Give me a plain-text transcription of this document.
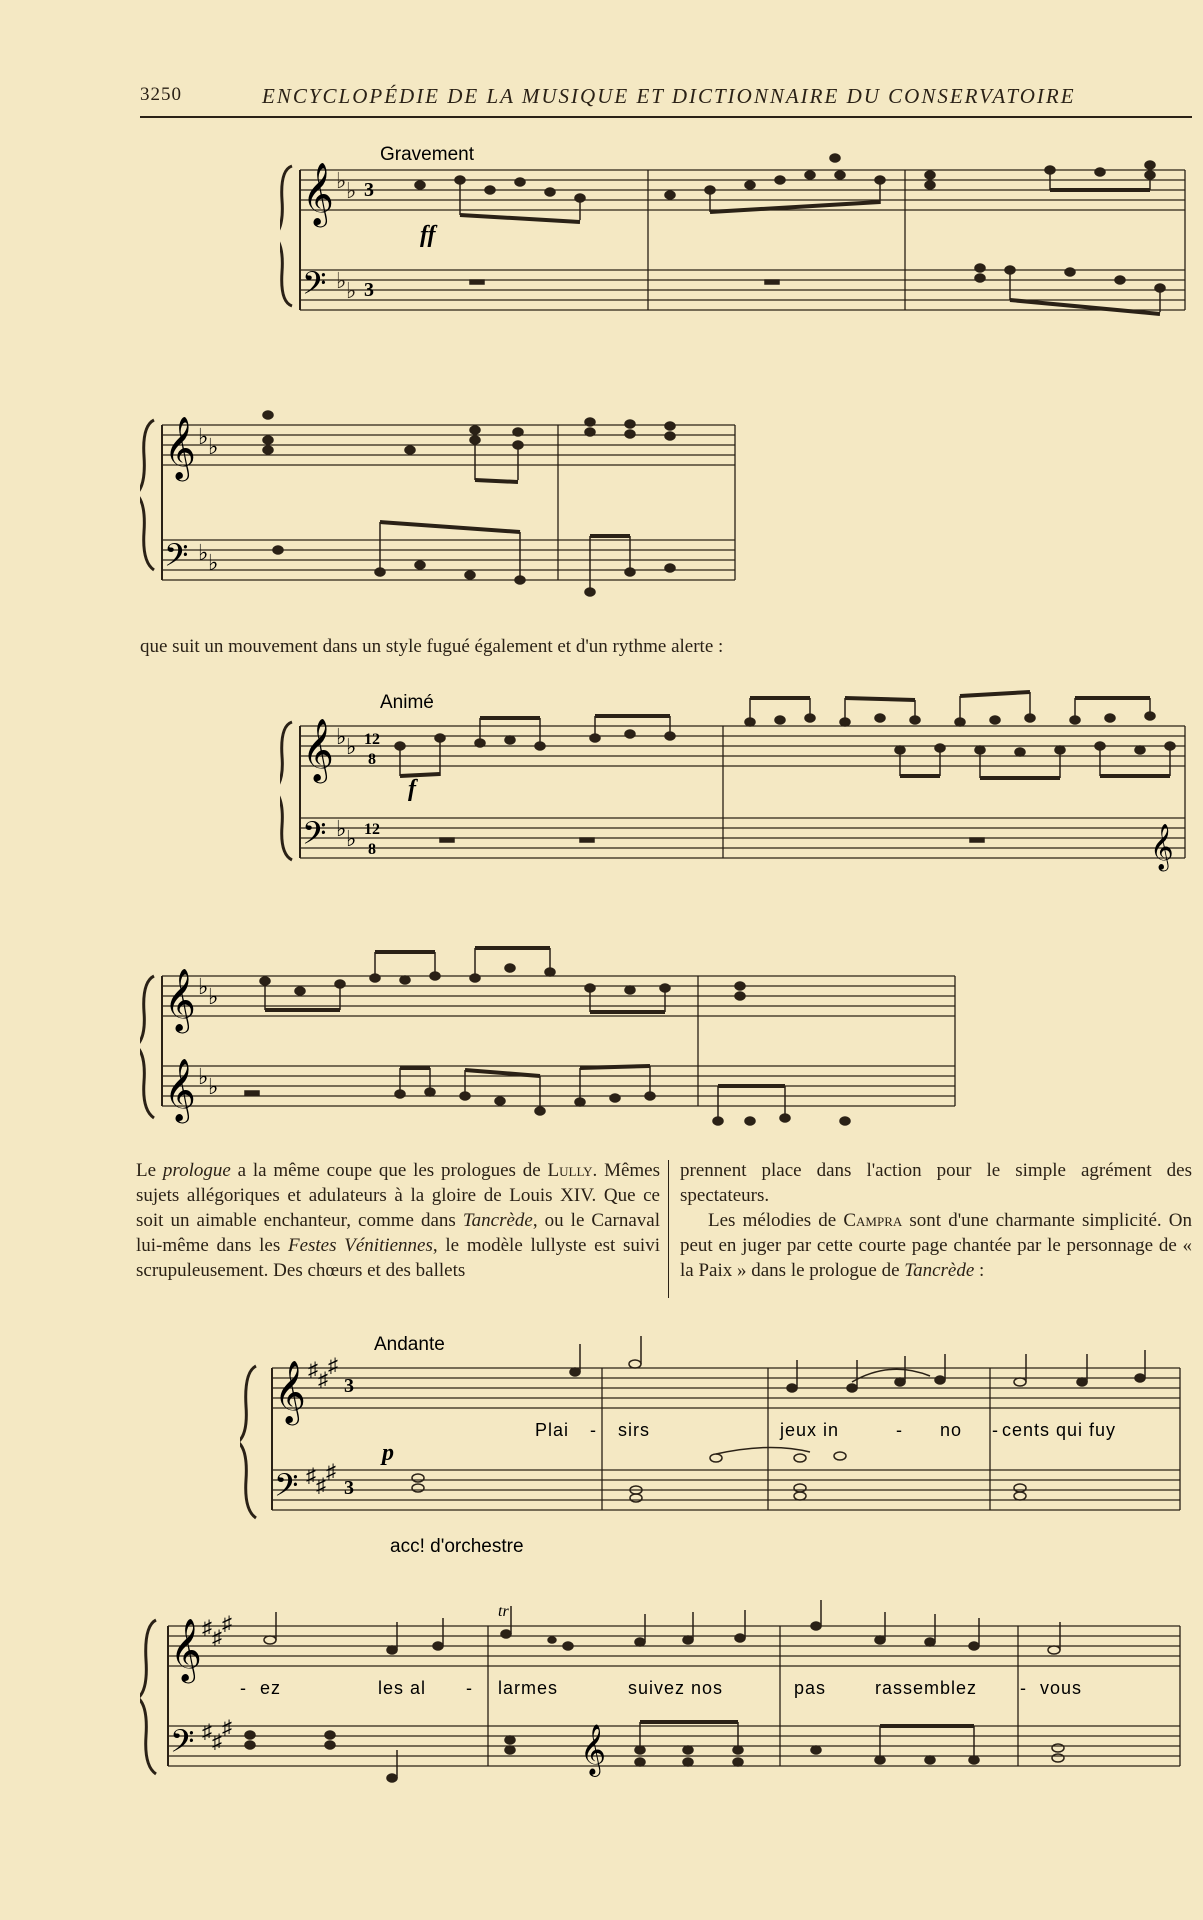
3250	ENCYCLOPÉDIE DE LA MUSIQUE ET DICTIONNAIRE DU CONSERVATOIRE
Gravement
𝄞
𝄢
♭ ♭
♭ ♭
3
3
ff
𝄞
𝄢
♭ ♭
♭ ♭

que suit un mouvement dans un style fugué également et d'un rythme alerte :

Animé
𝄞
𝄢	𝄞
♭ ♭
♭ ♭
12
8
12
8
f
𝄞
𝄞
♭ ♭
♭ ♭

Le prologue a la même coupe que les prologues de Lully. Mêmes sujets allégoriques et adulateurs à la gloire de Louis XIV. Que ce soit un aimable enchanteur, comme dans Tancrède, ou le Carnaval lui-même dans les Festes Vénitiennes, le modèle lullyste est suivi scrupuleusement. Des chœurs et des ballets

prennent place dans l'action pour le simple agrément des spectateurs.
Les mélodies de Campra sont d'une charmante simplicité. On peut en juger par cette courte page chantée par le personnage de « la Paix » dans le prologue de Tancrède :
Andante
𝄞
𝄢
♯ ♯
♯
♯ ♯
♯
3
3
p
acc! d'orchestre
Plai - sirs	jeux in	- no - cents qui fuy
𝄞
𝄢	𝄞
♯ ♯
♯
♯ ♯
♯
tr
- ez	les al - larmes	suivez nos	pas	rassemblez - vous
